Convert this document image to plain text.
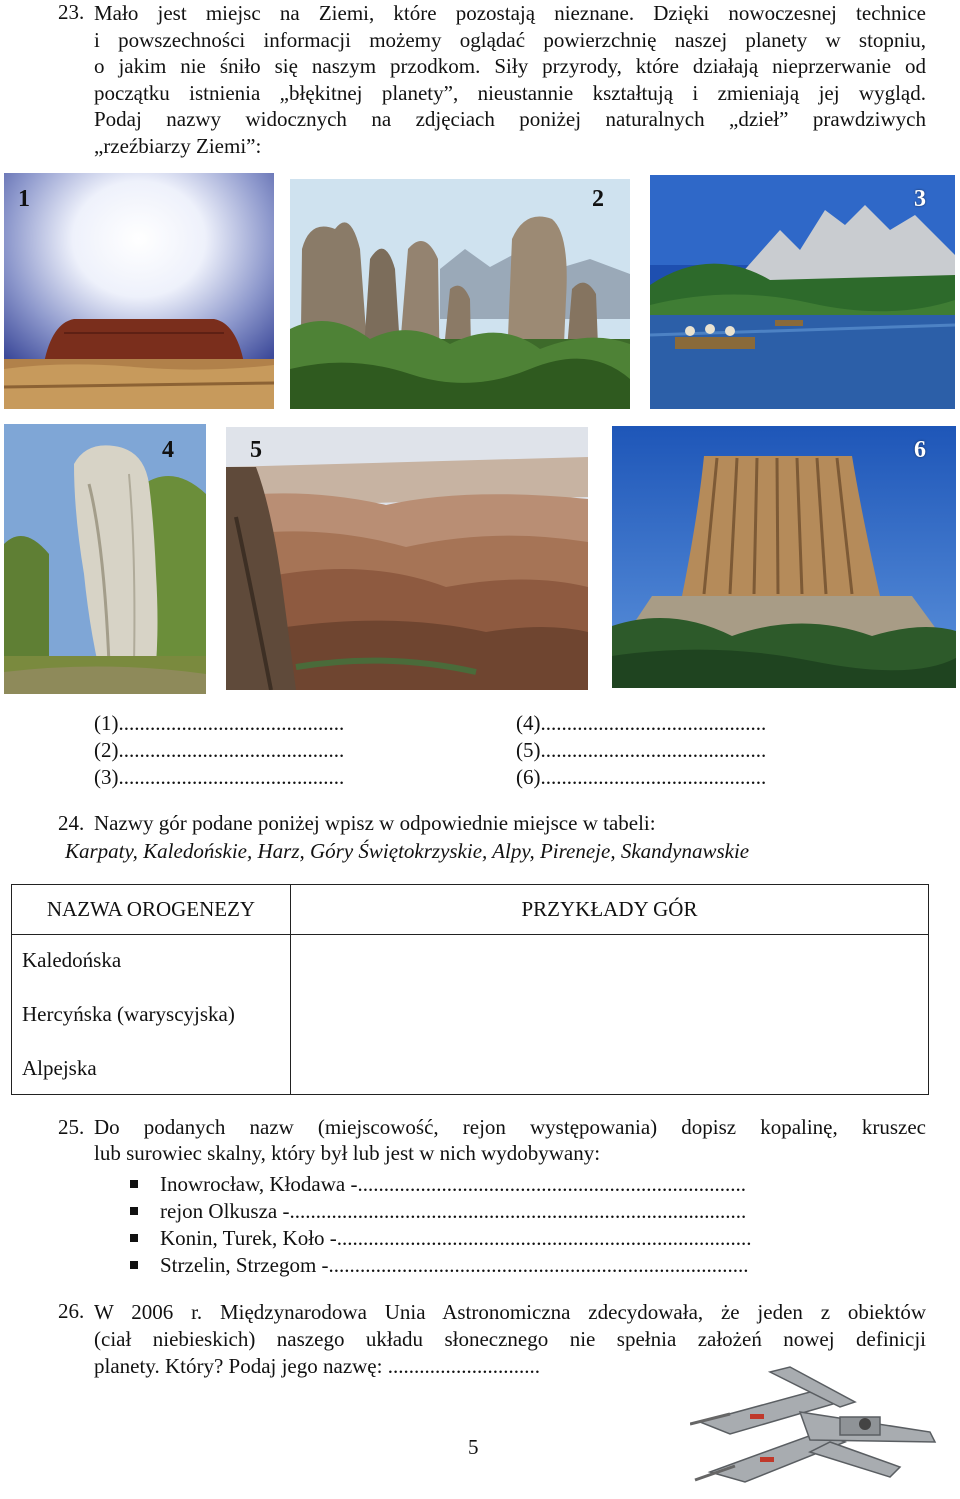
23. Mało jest miejsc na Ziemi, które pozostają nieznane. Dzięki nowoczesnej technice
i powszechności informacji możemy oglądać powierzchnię naszej planety w stopniu,
o jakim nie śniło się naszym przodkom. Siły przyrody, które działają nieprzerwanie od
początku istnienia „błękitnej planety”, nieustannie kształtują i zmieniają jej wygląd.
Podaj nazwy widocznych na zdjęciach poniżej naturalnych „dzieł” prawdziwych
„rzeźbiarzy Ziemi”:
1	2	3
4	5	6
(1)...........................................
(2)...........................................
(3)...........................................
(4)...........................................
(5)...........................................
(6)...........................................
24. Nazwy gór podane poniżej wpisz w odpowiednie miejsce w tabeli:
Karpaty, Kaledońskie, Harz, Góry Świętokrzyskie, Alpy, Pireneje, Skandynawskie
NAZWA OROGENEZY	PRZYKŁADY GÓR
Kaledońska	
Hercyńska (waryscyjska)	
Alpejska	
25. Do podanych nazw (miejscowość, rejon występowania) dopisz kopalinę, kruszec
lub surowiec skalny, który był lub jest w nich wydobywany:
Inowrocław, Kłodawa -..........................................................................
rejon Olkusza -.......................................................................................
Konin, Turek, Koło -...............................................................................
Strzelin, Strzegom -................................................................................
26. W 2006 r. Międzynarodowa Unia Astronomiczna zdecydowała, że jeden z obiektów
(ciał niebieskich) naszego układu słonecznego nie spełnia założeń nowej definicji
planety. Który? Podaj jego nazwę: .............................
5
